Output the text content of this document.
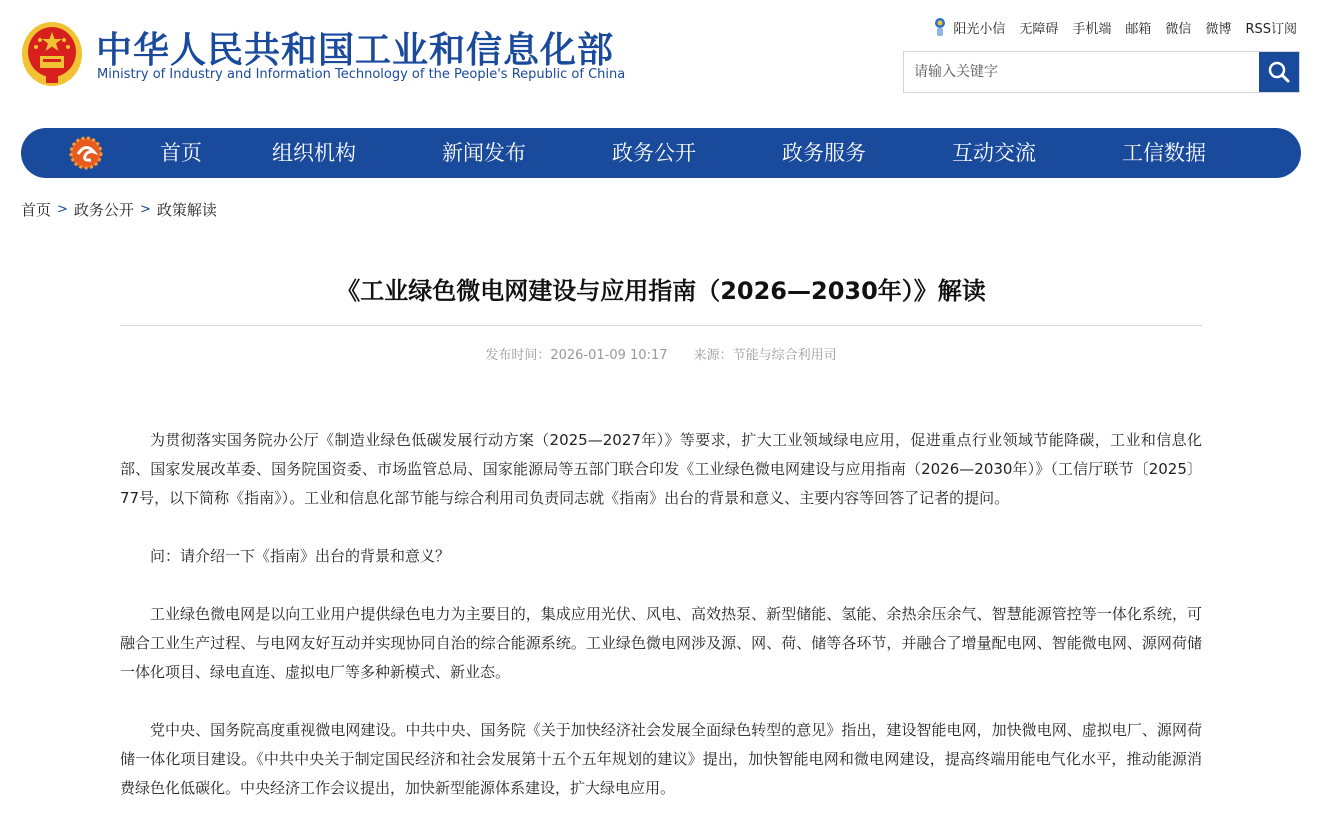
中华人民共和国工业和信息化部
Ministry of Industry and Information Technology of the People's Republic of China
阳光小信 无障碍 手机端 邮箱 微信 微博 RSS订阅
请输入关键字
首页	组织机构	新闻发布	政务公开	政务服务	互动交流	工信数据
首页 > 政务公开 > 政策解读
《工业绿色微电网建设与应用指南（2026—2030年）》解读
发布时间：2026-01-09 10:17 来源：节能与综合利用司

为贯彻落实国务院办公厅《制造业绿色低碳发展行动方案（2025—2027年）》等要求，扩大工业领域绿电应用，促进重点行业领域节能降碳，工业和信息化部、国家发展改革委、国务院国资委、市场监管总局、国家能源局等五部门联合印发《工业绿色微电网建设与应用指南（2026—2030年）》（工信厅联节〔2025〕77号，以下简称《指南》）。工业和信息化部节能与综合利用司负责同志就《指南》出台的背景和意义、主要内容等回答了记者的提问。

问：请介绍一下《指南》出台的背景和意义？

工业绿色微电网是以向工业用户提供绿色电力为主要目的，集成应用光伏、风电、高效热泵、新型储能、氢能、余热余压余气、智慧能源管控等一体化系统，可融合工业生产过程、与电网友好互动并实现协同自治的综合能源系统。工业绿色微电网涉及源、网、荷、储等各环节，并融合了增量配电网、智能微电网、源网荷储一体化项目、绿电直连、虚拟电厂等多种新模式、新业态。

党中央、国务院高度重视微电网建设。中共中央、国务院《关于加快经济社会发展全面绿色转型的意见》指出，建设智能电网，加快微电网、虚拟电厂、源网荷储一体化项目建设。《中共中央关于制定国民经济和社会发展第十五个五年规划的建议》提出，加快智能电网和微电网建设，提高终端用能电气化水平，推动能源消费绿色化低碳化。中央经济工作会议提出，加快新型能源体系建设，扩大绿电应用。
